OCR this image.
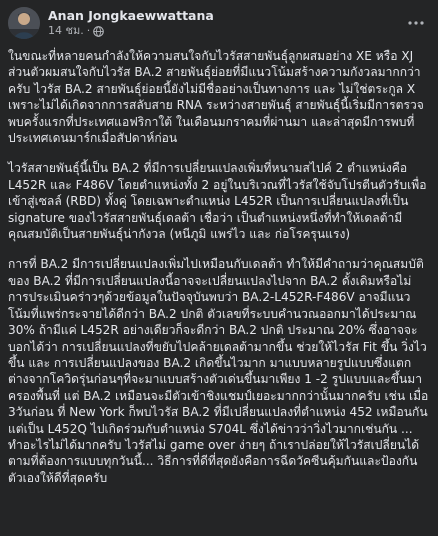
Anan Jongkaewwattana
14 ชม. ·

ในขณะที่หลายคนกำลังให้ความสนใจกับไวรัสสายพันธุ์ลูกผสมอย่าง XE หรือ XJ ส่วนตัวผมสนใจกับไวรัส BA.2 สายพันธุ์ย่อยที่มีแนวโน้มสร้างความกังวลมากกว่าครับ ไวรัส BA.2 สายพันธุ์ย่อยนี้ยังไม่มีชื่ออย่างเป็นทางการ และ ไม่ใช่ตระกูล X เพราะไม่ได้เกิดจากการสลับสาย RNA ระหว่างสายพันธุ์ สายพันธุ์นี้เริ่มมีการตรวจพบครั้งแรกที่ประเทศแอฟริกาใต้ ในเดือนมกราคมที่ผ่านมา และล่าสุดมีการพบที่ประเทศเดนมาร์กเมื่อสัปดาห์ก่อน

ไวรัสสายพันธุ์นี้เป็น BA.2 ที่มีการเปลี่ยนแปลงเพิ่มที่หนามสไปค์ 2 ตำแหน่งคือ L452R และ F486V โดยตำแหน่งทั้ง 2 อยู่ในบริเวณที่ไวรัสใช้จับโปรตีนตัวรับเพื่อเข้าสู่เซลล์ (RBD) ทั้งคู่ โดยเฉพาะตำแหน่ง L452R เป็นการเปลี่ยนแปลงที่เป็น signature ของไวรัสสายพันธุ์เดลต้า เชื่อว่า เป็นตำแหน่งหนึ่งที่ทำให้เดลต้ามีคุณสมบัติเป็นสายพันธุ์น่ากังวล (หนีภูมิ แพร่ไว และ ก่อโรครุนแรง)

การที่ BA.2 มีการเปลี่ยนแปลงเพิ่มไปเหมือนกับเดลต้า ทำให้มีคำถามว่าคุณสมบัติของ BA.2 ที่มีการเปลี่ยนแปลงนี้อาจจะเปลี่ยนแปลงไปจาก BA.2 ดั้งเดิมหรือไม่ การประเมินคร่าวๆด้วยข้อมูลในปัจจุบันพบว่า BA.2-L452R-F486V อาจมีแนวโน้มที่แพร่กระจายได้ดีกว่า BA.2 ปกติ ตัวเลขที่ระบบคำนวณออกมาได้ประมาณ 30% ถ้ามีแค่ L452R อย่างเดียวก็จะดีกว่า BA.2 ปกติ ประมาณ 20% ซึ่งอาจจะบอกได้ว่า การเปลี่ยนแปลงที่ขยับไปคล้ายเดลต้ามากขึ้น ช่วยให้ไวรัส Fit ขึ้น วิ่งไวขึ้น และ การเปลี่ยนแปลงของ BA.2 เกิดขึ้นไวมาก มาแบบหลายรูปแบบซึ่งแตกต่างจากโควิดรุ่นก่อนๆที่จะมาแบบสร้างตัวเด่นขึ้นมาเพียง 1 -2 รูปแบบและขึ้นมาครองพื้นที่ แต่ BA.2 เหมือนจะมีตัวเข้าชิงแชมป์เยอะมากกว่านั้นมากครับ เช่น เมื่อ 3วันก่อน ที่ New York ก็พบไวรัส BA.2 ที่มีเปลี่ยนแปลงที่ตำแหน่ง 452 เหมือนกันแต่เป็น L452Q ไปเกิดร่วมกับตำแหน่ง S704L ซึ่งได้ข่าวว่าวิ่งไวมากเช่นกัน ... ทำอะไรไม่ได้มากครับ ไวรัสไม่ game over ง่ายๆ ถ้าเราปล่อยให้ไวรัสเปลี่ยนได้ตามที่ต้องการแบบทุกวันนี้... วิธีการที่ดีที่สุดยังคือการฉีดวัคซีนคุ้มกันและป้องกันตัวเองให้ดีที่สุดครับ
